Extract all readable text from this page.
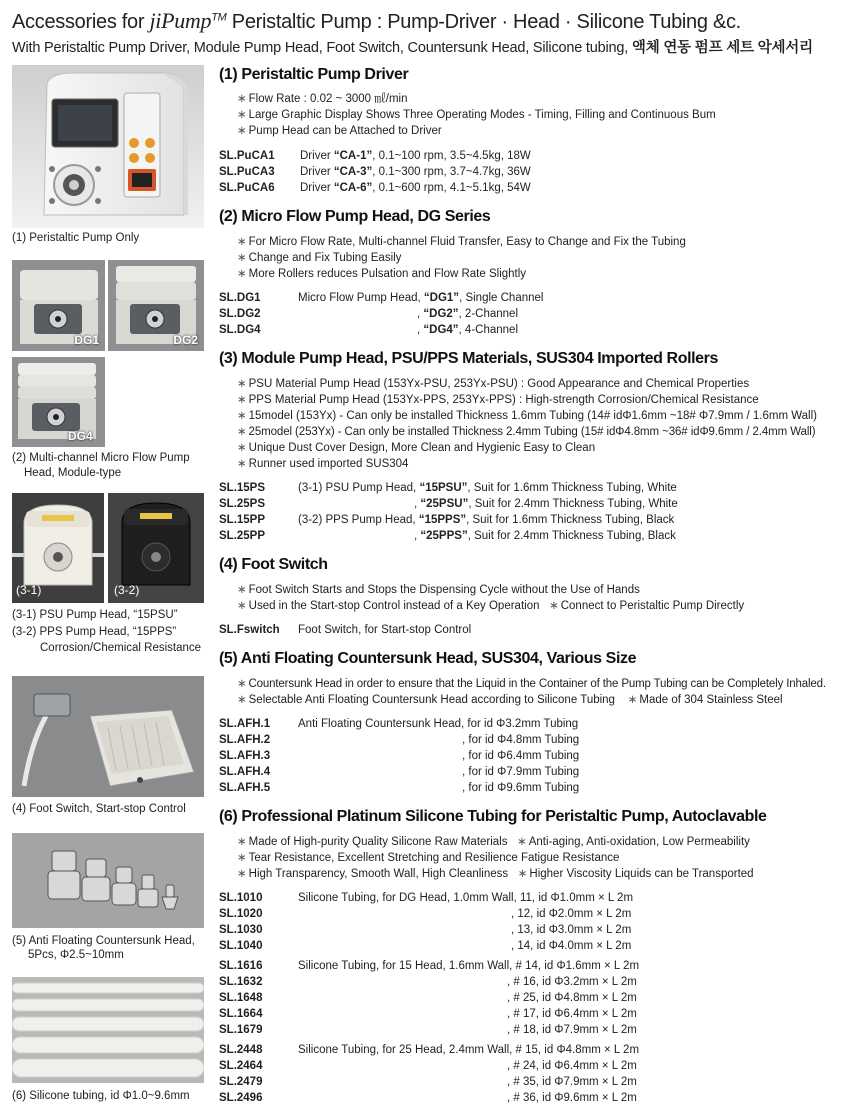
Accessories for jiPump™ Peristaltic Pump : Pump-Driver · Head · Silicone Tubing &c.
With Peristaltic Pump Driver, Module Pump Head, Foot Switch, Countersunk Head, Silicone tubing, 액체 연동 펌프 세트 악세서리
(1) Peristaltic Pump Only
DG1	DG2
DG4
(2) Multi-channel Micro Flow Pump
Head, Module-type
(3-1)	(3-2)
(3-1) PSU Pump Head, “15PSU”
(3-2) PPS Pump Head, “15PPS”
Corrosion/Chemical Resistance
(4) Foot Switch, Start-stop Control
(5) Anti Floating Countersunk Head,
5Pcs, Φ2.5~10mm
(6) Silicone tubing, id Φ1.0~9.6mm
(1) Peristaltic Pump Driver
∗ Flow Rate : 0.02 ~ 3000 ㎖/min
∗ Large Graphic Display Shows Three Operating Modes - Timing, Filling and Continuous Bum
∗ Pump Head can be Attached to Driver
SL.PuCA1 Driver “CA-1”, 0.1~100 rpm, 3.5~4.5kg, 18W
SL.PuCA3 Driver “CA-3”, 0.1~300 rpm, 3.7~4.7kg, 36W
SL.PuCA6 Driver “CA-6”, 0.1~600 rpm, 4.1~5.1kg, 54W
(2) Micro Flow Pump Head, DG Series
∗ For Micro Flow Rate, Multi-channel Fluid Transfer, Easy to Change and Fix the Tubing
∗ Change and Fix Tubing Easily
∗ More Rollers reduces Pulsation and Flow Rate Slightly
SL.DG1	Micro Flow Pump Head, “DG1”, Single Channel
SL.DG2	, “DG2”, 2-Channel
SL.DG4	, “DG4”, 4-Channel
(3) Module Pump Head, PSU/PPS Materials, SUS304 Imported Rollers
∗ PSU Material Pump Head (153Yx-PSU, 253Yx-PSU) : Good Appearance and Chemical Properties
∗ PPS Material Pump Head (153Yx-PPS, 253Yx-PPS) : High-strength Corrosion/Chemical Resistance
∗ 15model (153Yx) - Can only be installed Thickness 1.6mm Tubing (14# idΦ1.6mm ~18# Φ7.9mm / 1.6mm Wall)
∗ 25model (253Yx) - Can only be installed Thickness 2.4mm Tubing (15# idΦ4.8mm ~36# idΦ9.6mm / 2.4mm Wall)
∗ Unique Dust Cover Design, More Clean and Hygienic Easy to Clean
∗ Runner used imported SUS304
SL.15PS	(3-1) PSU Pump Head, “15PSU”, Suit for 1.6mm Thickness Tubing, White
SL.25PS	, “25PSU”, Suit for 2.4mm Thickness Tubing, White
SL.15PP	(3-2) PPS Pump Head, “15PPS”, Suit for 1.6mm Thickness Tubing, Black
SL.25PP	, “25PPS”, Suit for 2.4mm Thickness Tubing, Black
(4) Foot Switch
∗ Foot Switch Starts and Stops the Dispensing Cycle without the Use of Hands
∗ Used in the Start-stop Control instead of a Key Operation ∗ Connect to Peristaltic Pump Directly
SL.Fswitch Foot Switch, for Start-stop Control
(5) Anti Floating Countersunk Head, SUS304, Various Size
∗ Countersunk Head in order to ensure that the Liquid in the Container of the Pump Tubing can be Completely Inhaled.
∗ Selectable Anti Floating Countersunk Head according to Silicone Tubing ∗ Made of 304 Stainless Steel
SL.AFH.1 Anti Floating Countersunk Head, for id Φ3.2mm Tubing
SL.AFH.2	, for id Φ4.8mm Tubing
SL.AFH.3	, for id Φ6.4mm Tubing
SL.AFH.4	, for id Φ7.9mm Tubing
SL.AFH.5	, for id Φ9.6mm Tubing
(6) Professional Platinum Silicone Tubing for Peristaltic Pump, Autoclavable
∗ Made of High-purity Quality Silicone Raw Materials ∗ Anti-aging, Anti-oxidation, Low Permeability
∗ Tear Resistance, Excellent Stretching and Resilience Fatigue Resistance
∗ High Transparency, Smooth Wall, High Cleanliness ∗ Higher Viscosity Liquids can be Transported
SL.1010	Silicone Tubing, for DG Head, 1.0mm Wall, 11, id Φ1.0mm × L 2m
SL.1020	, 12, id Φ2.0mm × L 2m
SL.1030	, 13, id Φ3.0mm × L 2m
SL.1040	, 14, id Φ4.0mm × L 2m
SL.1616	Silicone Tubing, for 15 Head, 1.6mm Wall, # 14, id Φ1.6mm × L 2m
SL.1632	, # 16, id Φ3.2mm × L 2m
SL.1648	, # 25, id Φ4.8mm × L 2m
SL.1664	, # 17, id Φ6.4mm × L 2m
SL.1679	, # 18, id Φ7.9mm × L 2m
SL.2448	Silicone Tubing, for 25 Head, 2.4mm Wall, # 15, id Φ4.8mm × L 2m
SL.2464	, # 24, id Φ6.4mm × L 2m
SL.2479	, # 35, id Φ7.9mm × L 2m
SL.2496	, # 36, id Φ9.6mm × L 2m
